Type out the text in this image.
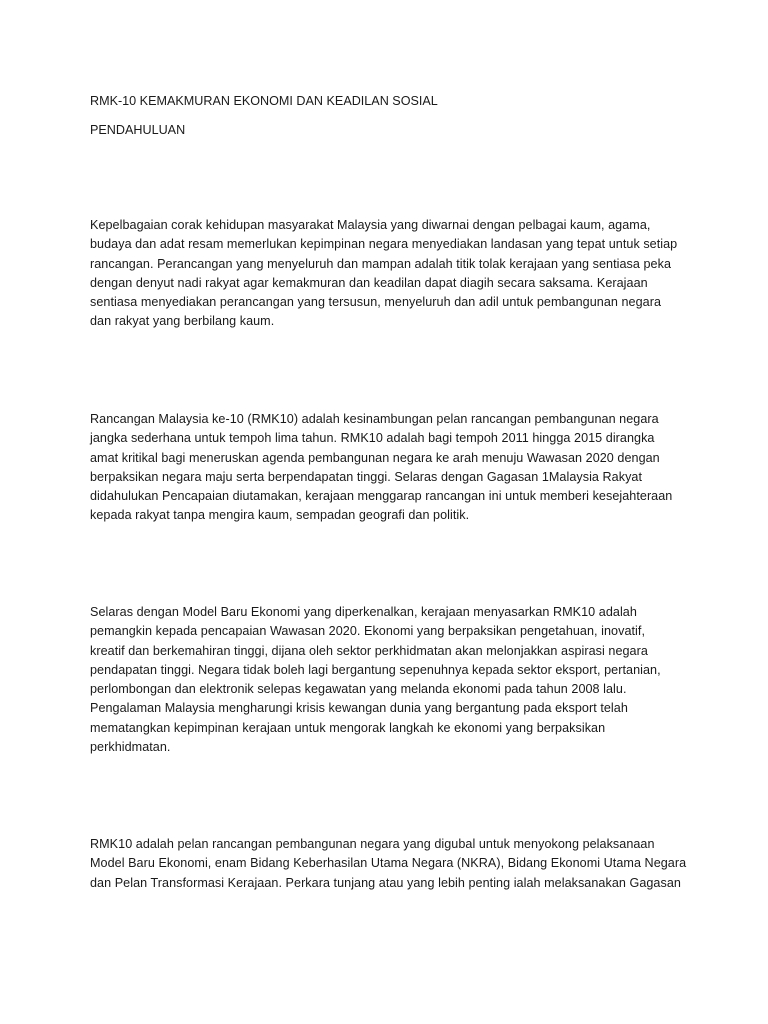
RMK-10 KEMAKMURAN EKONOMI DAN KEADILAN SOSIAL
PENDAHULUAN
Kepelbagaian corak kehidupan masyarakat Malaysia yang diwarnai dengan pelbagai kaum, agama,
budaya dan adat resam memerlukan kepimpinan negara menyediakan landasan yang tepat untuk setiap
rancangan. Perancangan yang menyeluruh dan mampan adalah titik tolak kerajaan yang sentiasa peka
dengan denyut nadi rakyat agar kemakmuran dan keadilan dapat diagih secara saksama. Kerajaan
sentiasa menyediakan perancangan yang tersusun, menyeluruh dan adil untuk pembangunan negara
dan rakyat yang berbilang kaum.
Rancangan Malaysia ke-10 (RMK10) adalah kesinambungan pelan rancangan pembangunan negara
jangka sederhana untuk tempoh lima tahun. RMK10 adalah bagi tempoh 2011 hingga 2015 dirangka
amat kritikal bagi meneruskan agenda pembangunan negara ke arah menuju Wawasan 2020 dengan
berpaksikan negara maju serta berpendapatan tinggi. Selaras dengan Gagasan 1Malaysia Rakyat
didahulukan Pencapaian diutamakan, kerajaan menggarap rancangan ini untuk memberi kesejahteraan
kepada rakyat tanpa mengira kaum, sempadan geografi dan politik.
Selaras dengan Model Baru Ekonomi yang diperkenalkan, kerajaan menyasarkan RMK10 adalah
pemangkin kepada pencapaian Wawasan 2020. Ekonomi yang berpaksikan pengetahuan, inovatif,
kreatif dan berkemahiran tinggi, dijana oleh sektor perkhidmatan akan melonjakkan aspirasi negara
pendapatan tinggi. Negara tidak boleh lagi bergantung sepenuhnya kepada sektor eksport, pertanian,
perlombongan dan elektronik selepas kegawatan yang melanda ekonomi pada tahun 2008 lalu.
Pengalaman Malaysia mengharungi krisis kewangan dunia yang bergantung pada eksport telah
mematangkan kepimpinan kerajaan untuk mengorak langkah ke ekonomi yang berpaksikan
perkhidmatan.
RMK10 adalah pelan rancangan pembangunan negara yang digubal untuk menyokong pelaksanaan
Model Baru Ekonomi, enam Bidang Keberhasilan Utama Negara (NKRA), Bidang Ekonomi Utama Negara
dan Pelan Transformasi Kerajaan. Perkara tunjang atau yang lebih penting ialah melaksanakan Gagasan
